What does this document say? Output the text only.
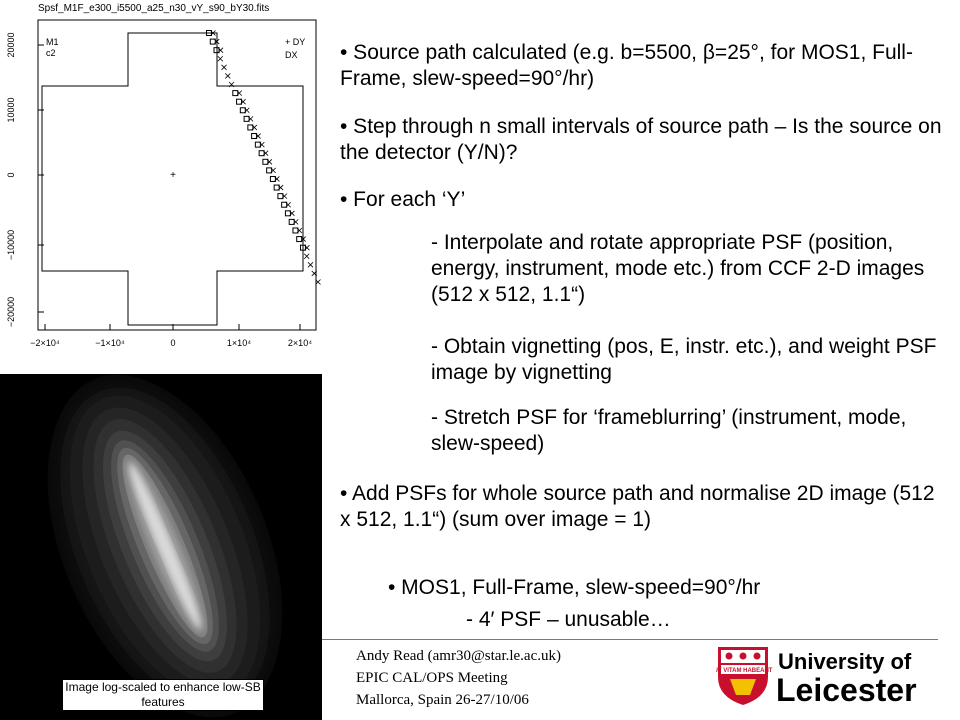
Spsf_M1F_e300_i5500_a25_n30_vY_s90_bY30.fits
+
M1
c2
+ DY
DX
20000
10000
0
−10000
−20000
−2×10⁴	−1×10⁴	0	1×10⁴	2×10⁴
Image log-scaled to enhance low-SB features
• Source path calculated (e.g. b=5500, β=25°, for MOS1, Full-Frame, slew-speed=90°/hr)
• Step through n small intervals of source path – Is the source on the detector (Y/N)?
• For each ‘Y’
- Interpolate and rotate appropriate PSF (position, energy, instrument, mode etc.) from CCF 2-D images (512 x 512, 1.1“)
- Obtain vignetting (pos, E, instr. etc.), and weight PSF image by vignetting
- Stretch PSF for ‘frameblurring’ (instrument, mode, slew-speed)
• Add PSFs for whole source path and normalise 2D image (512 x 512, 1.1“) (sum over image = 1)
• MOS1, Full-Frame, slew-speed=90°/hr
- 4′ PSF – unusable…
Andy Read (amr30@star.le.ac.uk)
EPIC CAL/OPS Meeting
Mallorca, Spain 26-27/10/06
UT VITAM HABEANT University of
Leicester
